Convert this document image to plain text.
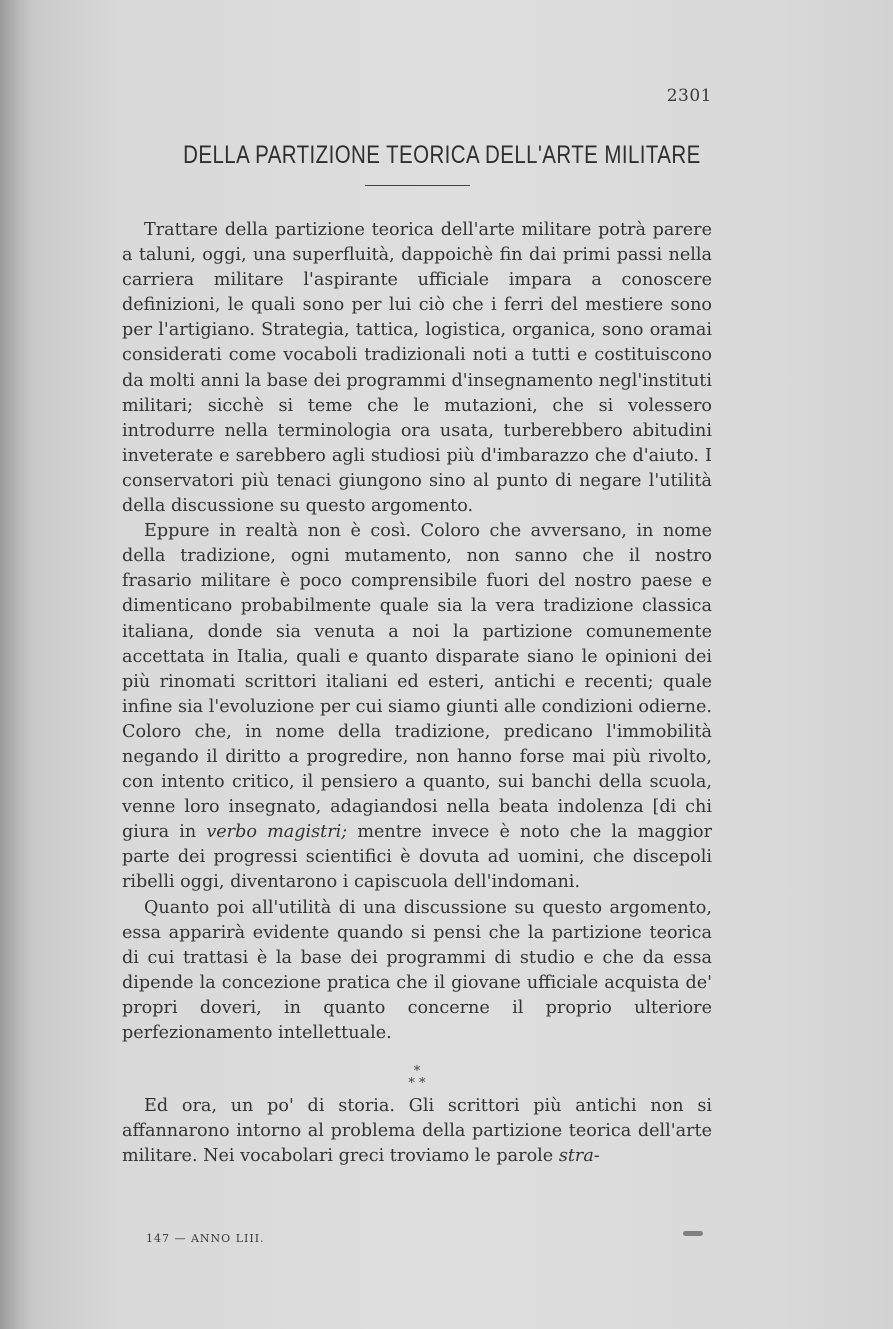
2301
DELLA PARTIZIONE TEORICA DELL'ARTE MILITARE

Trattare della partizione teorica dell'arte militare potrà parere a taluni, oggi, una superfluità, dappoichè fin dai primi passi nella carriera militare l'aspirante ufficiale impara a conoscere definizioni, le quali sono per lui ciò che i ferri del mestiere sono per l'artigiano. Strategia, tattica, logistica, organica, sono oramai considerati come vocaboli tradizionali noti a tutti e costituiscono da molti anni la base dei programmi d'insegnamento negl'instituti militari; sicchè si teme che le mutazioni, che si volessero introdurre nella terminologia ora usata, turberebbero abitudini inveterate e sarebbero agli studiosi più d'imbarazzo che d'aiuto. I conservatori più tenaci giungono sino al punto di negare l'utilità della discussione su questo argomento.

Eppure in realtà non è così. Coloro che avversano, in nome della tradizione, ogni mutamento, non sanno che il nostro frasario militare è poco comprensibile fuori del nostro paese e dimenticano probabilmente quale sia la vera tradizione classica italiana, donde sia venuta a noi la partizione comunemente accettata in Italia, quali e quanto disparate siano le opinioni dei più rinomati scrittori italiani ed esteri, antichi e recenti; quale infine sia l'evoluzione per cui siamo giunti alle condizioni odierne. Coloro che, in nome della tradizione, predicano l'immobilità negando il diritto a progredire, non hanno forse mai più rivolto, con intento critico, il pensiero a quanto, sui banchi della scuola, venne loro insegnato, adagiandosi nella beata indolenza [di chi giura in verbo magistri; mentre invece è noto che la maggior parte dei progressi scientifici è dovuta ad uomini, che discepoli ribelli oggi, diventarono i capiscuola dell'indomani.

Quanto poi all'utilità di una discussione su questo argomento, essa apparirà evidente quando si pensi che la partizione teorica di cui trattasi è la base dei programmi di studio e che da essa dipende la concezione pratica che il giovane ufficiale acquista de' propri doveri, in quanto concerne il proprio ulteriore perfezionamento intellettuale.

*
* *

Ed ora, un po' di storia. Gli scrittori più antichi non si affannarono intorno al problema della partizione teorica dell'arte militare. Nei vocabolari greci troviamo le parole stra-

147 — ANNO LIII.
